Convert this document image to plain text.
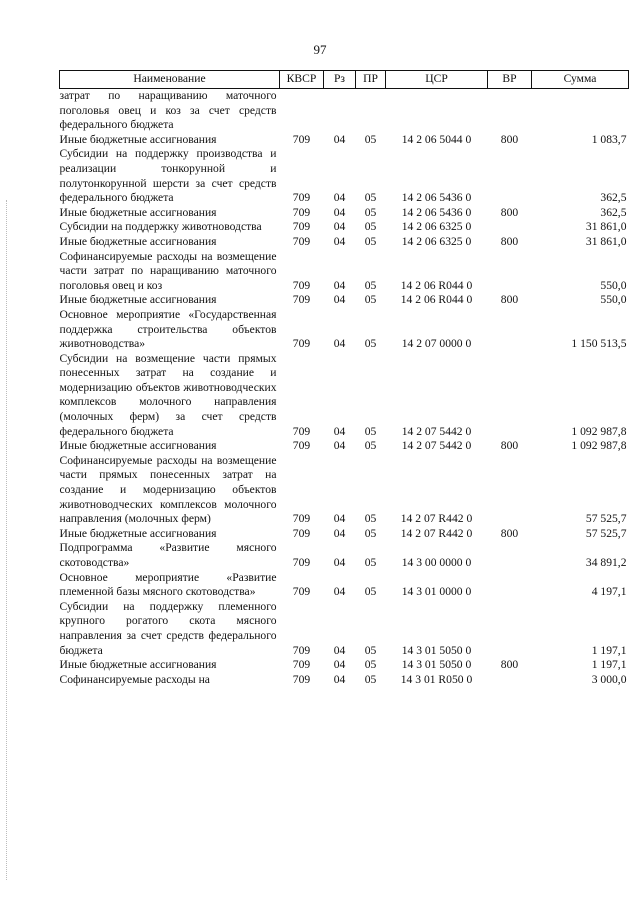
97
Наименование	КВСР	Рз	ПР	ЦСР	ВР	Сумма
затрат по наращиванию маточного поголовья овец и коз за счет средств федерального бюджета						
Иные бюджетные ассигнования	709	04	05	14 2 06 5044 0	800	1 083,7
Субсидии на поддержку производства и реализации тонкорунной и полутонкорунной шерсти за счет средств федерального бюджета	709	04	05	14 2 06 5436 0		362,5
Иные бюджетные ассигнования	709	04	05	14 2 06 5436 0	800	362,5
Субсидии на поддержку животноводства	709	04	05	14 2 06 6325 0		31 861,0
Иные бюджетные ассигнования	709	04	05	14 2 06 6325 0	800	31 861,0
Софинансируемые расходы на возмещение части затрат по наращиванию маточного поголовья овец и коз	709	04	05	14 2 06 R044 0		550,0
Иные бюджетные ассигнования	709	04	05	14 2 06 R044 0	800	550,0
Основное мероприятие «Государственная поддержка строительства объектов животноводства»	709	04	05	14 2 07 0000 0		1 150 513,5
Субсидии на возмещение части прямых понесенных затрат на создание и модернизацию объектов животноводческих комплексов молочного направления (молочных ферм) за счет средств федерального бюджета	709	04	05	14 2 07 5442 0		1 092 987,8
Иные бюджетные ассигнования	709	04	05	14 2 07 5442 0	800	1 092 987,8
Софинансируемые расходы на возмещение части прямых понесенных затрат на создание и модернизацию объектов животноводческих комплексов молочного направления (молочных ферм)	709	04	05	14 2 07 R442 0		57 525,7
Иные бюджетные ассигнования	709	04	05	14 2 07 R442 0	800	57 525,7
Подпрограмма «Развитие мясного скотоводства»	709	04	05	14 3 00 0000 0		34 891,2
Основное мероприятие «Развитие племенной базы мясного скотоводства»	709	04	05	14 3 01 0000 0		4 197,1
Субсидии на поддержку племенного крупного рогатого скота мясного направления за счет средств федерального бюджета	709	04	05	14 3 01 5050 0		1 197,1
Иные бюджетные ассигнования	709	04	05	14 3 01 5050 0	800	1 197,1
Софинансируемые расходы на	709	04	05	14 3 01 R050 0		3 000,0
